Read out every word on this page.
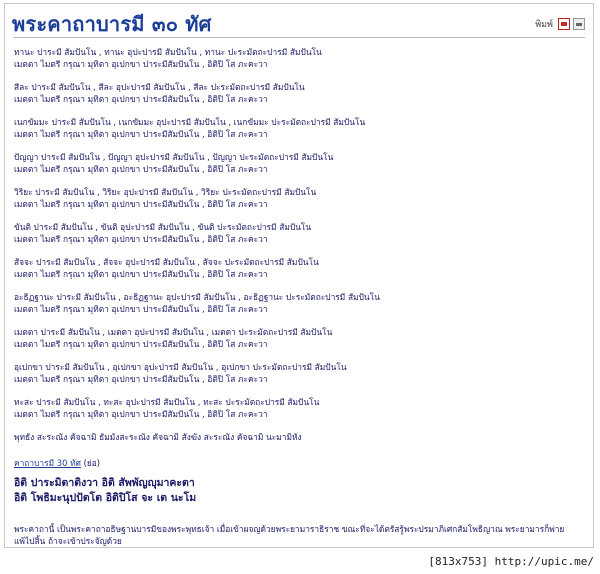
พระคาถาบารมี ๓๐ ทัศ	พิมพ์
ทานะ ปาระมี สัมปันโน , ทานะ อุปะปารมี สัมปันโน , ทานะ ปะระมัตถะปารมี สัมปันโน
เมตตา ไมตรี กรุณา มุทิตา อุเปกขา ปาระมีสัมปันโน , อิติปิ โส ภะคะวา
สีละ ปาระมี สัมปันโน , สีละ อุปะปารมี สัมปันโน , สีละ ปะระมัตถะปารมี สัมปันโน
เมตตา ไมตรี กรุณา มุทิตา อุเปกขา ปาระมีสัมปันโน , อิติปิ โส ภะคะวา
เนกขัมมะ ปาระมี สัมปันโน , เนกขัมมะ อุปะปารมี สัมปันโน , เนกขัมมะ ปะระมัตถะปารมี สัมปันโน
เมตตา ไมตรี กรุณา มุทิตา อุเปกขา ปาระมีสัมปันโน , อิติปิ โส ภะคะวา
ปัญญา ปาระมี สัมปันโน , ปัญญา อุปะปารมี สัมปันโน , ปัญญา ปะระมัตถะปารมี สัมปันโน
เมตตา ไมตรี กรุณา มุทิตา อุเปกขา ปาระมีสัมปันโน , อิติปิ โส ภะคะวา
วิริยะ ปาระมี สัมปันโน , วิริยะ อุปะปารมี สัมปันโน , วิริยะ ปะระมัตถะปารมี สัมปันโน
เมตตา ไมตรี กรุณา มุทิตา อุเปกขา ปาระมีสัมปันโน , อิติปิ โส ภะคะวา
ขันติ ปาระมี สัมปันโน , ขันติ อุปะปารมี สัมปันโน , ขันติ ปะระมัตถะปารมี สัมปันโน
เมตตา ไมตรี กรุณา มุทิตา อุเปกขา ปาระมีสัมปันโน , อิติปิ โส ภะคะวา
สัจจะ ปาระมี สัมปันโน , สัจจะ อุปะปารมี สัมปันโน , สัจจะ ปะระมัตถะปารมี สัมปันโน
เมตตา ไมตรี กรุณา มุทิตา อุเปกขา ปาระมีสัมปันโน , อิติปิ โส ภะคะวา
อะธิฏฐานะ ปาระมี สัมปันโน , อะธิฏฐานะ อุปะปารมี สัมปันโน , อะธิฏฐานะ ปะระมัตถะปารมี สัมปันโน
เมตตา ไมตรี กรุณา มุทิตา อุเปกขา ปาระมีสัมปันโน , อิติปิ โส ภะคะวา
เมตตา ปาระมี สัมปันโน , เมตตา อุปะปารมี สัมปันโน , เมตตา ปะระมัตถะปารมี สัมปันโน
เมตตา ไมตรี กรุณา มุทิตา อุเปกขา ปาระมีสัมปันโน , อิติปิ โส ภะคะวา
อุเปกขา ปาระมี สัมปันโน , อุเปกขา อุปะปารมี สัมปันโน , อุเปกขา ปะระมัตถะปารมี สัมปันโน
เมตตา ไมตรี กรุณา มุทิตา อุเปกขา ปาระมีสัมปันโน , อิติปิ โส ภะคะวา
ทะสะ ปาระมี สัมปันโน , ทะสะ อุปะปารมี สัมปันโน , ทะสะ ปะระมัตถะปารมี สัมปันโน
เมตตา ไมตรี กรุณา มุทิตา อุเปกขา ปาระมีสัมปันโน , อิติปิ โส ภะคะวา
พุทธัง สะระณัง คัจฉามิ ธัมมังสะระณัง คัจฉามิ สังฆัง สะระณัง คัจฉามิ นะมามิหัง
คาถาบารมี 30 ทัศ (ย่อ)
อิติ ปาระมิตาติงวา อิติ สัพพัญญุมาคะตา
อิติ โพธิมะนุปปัตโต อิติปิโส จะ เต นะโม
พระคาถานี้ เป็นพระคาถาอธิษฐานบารมีของพระพุทธเจ้า เมื่อเข้าผจญด้วยพระยามาราธิราช ขณะที่จะได้ตรัสรู้พระปรมาภิเศกสัมโพธิญาณ พระยามารก็พ่าย
แพ้ไปสิ้น ถ้าจะเข้าประจัญด้วย
[813x753] http://upic.me/
